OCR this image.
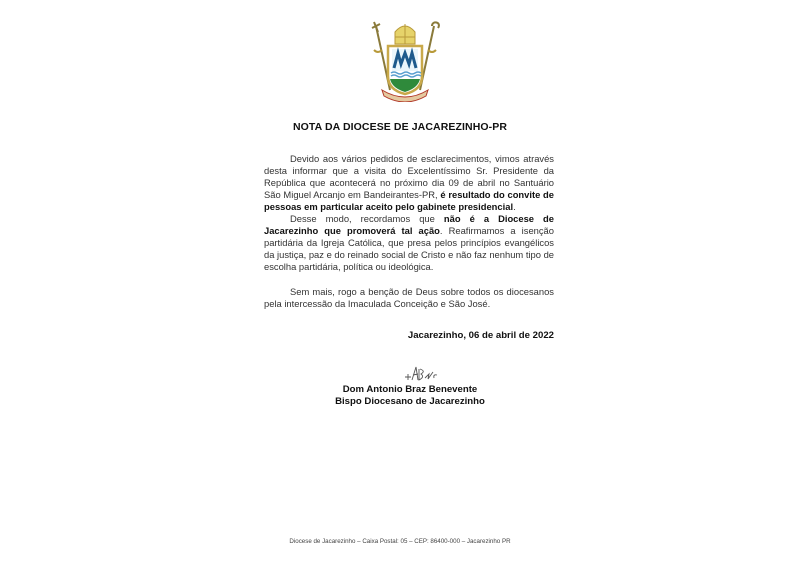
NOTA DA DIOCESE DE JACAREZINHO-PR

Devido aos vários pedidos de esclarecimentos, vimos através desta informar que a visita do Excelentíssimo Sr. Presidente da República que acontecerá no próximo dia 09 de abril no Santuário São Miguel Arcanjo em Bandeirantes-PR, é resultado do convite de pessoas em particular aceito pelo gabinete presidencial.

Desse modo, recordamos que não é a Diocese de Jacarezinho que promoverá tal ação. Reafirmamos a isenção partidária da Igreja Católica, que presa pelos princípios evangélicos da justiça, paz e do reinado social de Cristo e não faz nenhum tipo de escolha partidária, política ou ideológica.

Sem mais, rogo a benção de Deus sobre todos os diocesanos pela intercessão da Imaculada Conceição e São José.

Jacarezinho, 06 de abril de 2022
Dom Antonio Braz Benevente
Bispo Diocesano de Jacarezinho
Diocese de Jacarezinho – Caixa Postal: 05 – CEP: 86400-000 – Jacarezinho PR
